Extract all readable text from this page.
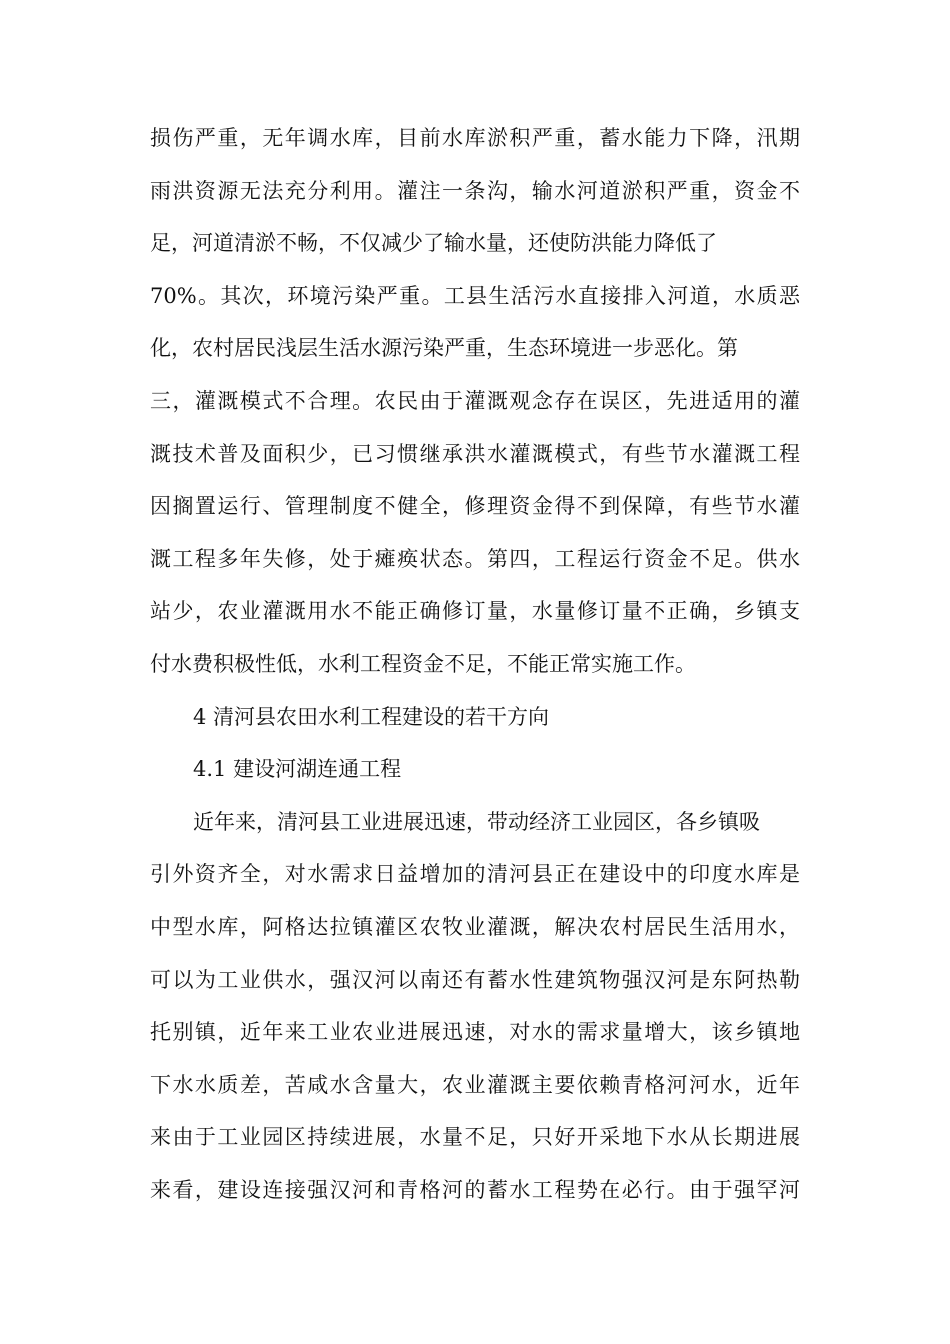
损伤严重，无年调水库，目前水库淤积严重，蓄水能力下降，汛期
雨洪资源无法充分利用。灌注一条沟，输水河道淤积严重，资金不
足，河道清淤不畅，不仅减少了输水量，还使防洪能力降低了
70%。其次，环境污染严重。工县生活污水直接排入河道，水质恶
化，农村居民浅层生活水源污染严重，生态环境进一步恶化。第
三，灌溉模式不合理。农民由于灌溉观念存在误区，先进适用的灌
溉技术普及面积少，已习惯继承洪水灌溉模式，有些节水灌溉工程
因搁置运行、管理制度不健全，修理资金得不到保障，有些节水灌
溉工程多年失修，处于瘫痪状态。第四，工程运行资金不足。供水
站少，农业灌溉用水不能正确修订量，水量修订量不正确，乡镇支
付水费积极性低，水利工程资金不足，不能正常实施工作。
4 清河县农田水利工程建设的若干方向
4.1 建设河湖连通工程
近年来，清河县工业进展迅速，带动经济工业园区，各乡镇吸
引外资齐全，对水需求日益增加的清河县正在建设中的印度水库是
中型水库，阿格达拉镇灌区农牧业灌溉，解决农村居民生活用水，
可以为工业供水，强汉河以南还有蓄水性建筑物强汉河是东阿热勒
托别镇，近年来工业农业进展迅速，对水的需求量增大，该乡镇地
下水水质差，苦咸水含量大，农业灌溉主要依赖青格河河水，近年
来由于工业园区持续进展，水量不足，只好开采地下水从长期进展
来看，建设连接强汉河和青格河的蓄水工程势在必行。由于强罕河
